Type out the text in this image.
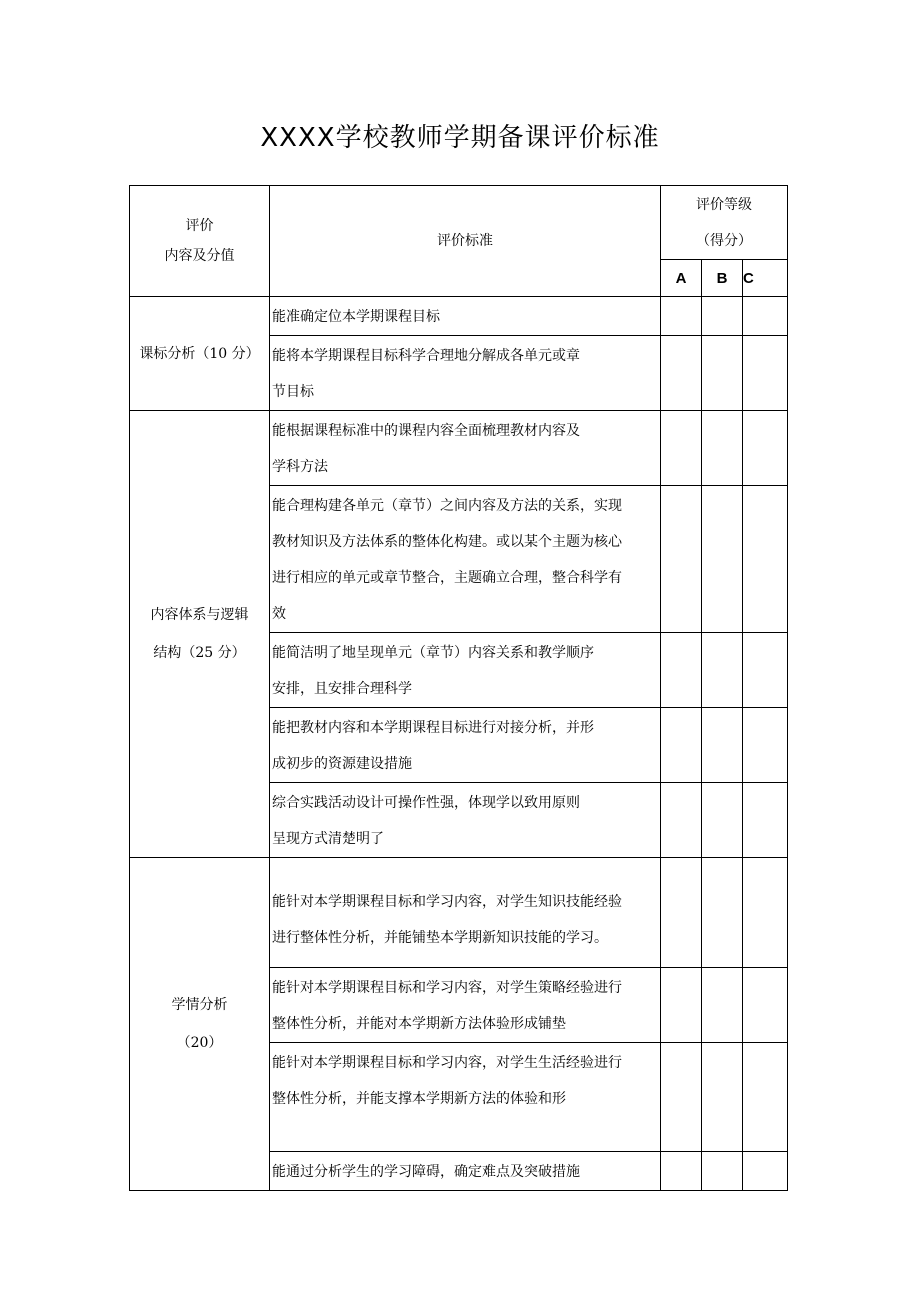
XXXX学校教师学期备课评价标准
评价
内容及分值	评价标准	评价等级
（得分）		
		A	B	C
课标分析（10 分）	能准确定位本学期课程目标			
	能将本学期课程目标科学合理地分解成各单元或章
节目标			
内容体系与逻辑
结构（25 分）	能根据课程标准中的课程内容全面梳理教材内容及
学科方法			
	能合理构建各单元（章节）之间内容及方法的关系，实现
教材知识及方法体系的整体化构建。或以某个主题为核心
进行相应的单元或章节整合，主题确立合理，整合科学有
效			
	能简洁明了地呈现单元（章节）内容关系和教学顺序
安排，且安排合理科学			
	能把教材内容和本学期课程目标进行对接分析，并形
成初步的资源建设措施			
	综合实践活动设计可操作性强，体现学以致用原则
呈现方式清楚明了			
学情分析
（20）	能针对本学期课程目标和学习内容，对学生知识技能经验
进行整体性分析，并能铺垫本学期新知识技能的学习。			
	能针对本学期课程目标和学习内容，对学生策略经验进行
整体性分析，并能对本学期新方法体验形成铺垫			
	能针对本学期课程目标和学习内容，对学生生活经验进行
整体性分析，并能支撑本学期新方法的体验和形			
	能通过分析学生的学习障碍，确定难点及突破措施			
